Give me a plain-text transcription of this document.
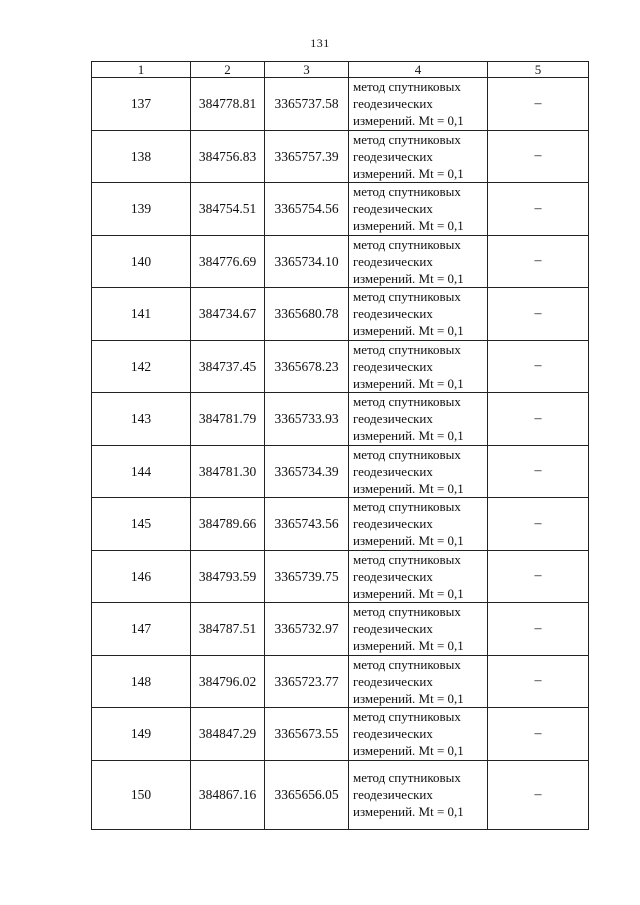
131
1	2	3	4	5
137	384778.81	3365737.58	метод спутниковых
геодезических
измерений. Mt = 0,1	–
138	384756.83	3365757.39	метод спутниковых
геодезических
измерений. Mt = 0,1	–
139	384754.51	3365754.56	метод спутниковых
геодезических
измерений. Mt = 0,1	–
140	384776.69	3365734.10	метод спутниковых
геодезических
измерений. Mt = 0,1	–
141	384734.67	3365680.78	метод спутниковых
геодезических
измерений. Mt = 0,1	–
142	384737.45	3365678.23	метод спутниковых
геодезических
измерений. Mt = 0,1	–
143	384781.79	3365733.93	метод спутниковых
геодезических
измерений. Mt = 0,1	–
144	384781.30	3365734.39	метод спутниковых
геодезических
измерений. Mt = 0,1	–
145	384789.66	3365743.56	метод спутниковых
геодезических
измерений. Mt = 0,1	–
146	384793.59	3365739.75	метод спутниковых
геодезических
измерений. Mt = 0,1	–
147	384787.51	3365732.97	метод спутниковых
геодезических
измерений. Mt = 0,1	–
148	384796.02	3365723.77	метод спутниковых
геодезических
измерений. Mt = 0,1	–
149	384847.29	3365673.55	метод спутниковых
геодезических
измерений. Mt = 0,1	–
150	384867.16	3365656.05	метод спутниковых
геодезических
измерений. Mt = 0,1	–
